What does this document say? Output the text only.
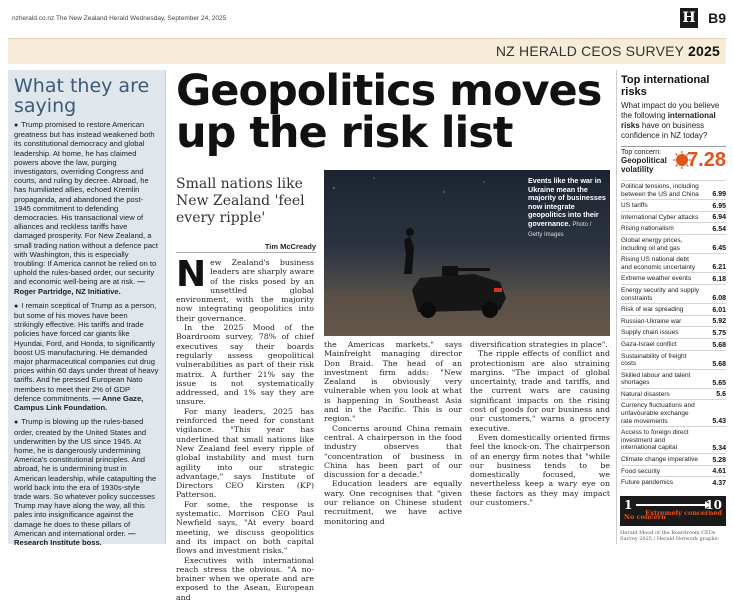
nzherald.co.nz The New Zealand Herald Wednesday, September 24, 2025	H B9
NZ HERALD CEOS SURVEY 2025
What they are saying

● Trump promised to restore American greatness but has instead weakened both its constitutional democracy and global leadership. At home, he has claimed powers above the law, purging investigators, overriding Congress and courts, and ruling by decree. Abroad, he has humiliated allies, echoed Kremlin propaganda, and abandoned the post-1945 commitment to defending democracies. His transactional view of alliances and reckless tariffs have damaged prosperity. For New Zealand, a small trading nation without a defence pact with Washington, this is especially troubling: If America cannot be relied on to uphold the rules-based order, our security and economic well-being are at risk. — Roger Partridge, NZ Initiative.

● I remain sceptical of Trump as a person, but some of his moves have been strikingly effective. His tariffs and trade policies have forced car giants like Hyundai, Ford, and Honda, to significantly boost US manufacturing. He demanded major pharmaceutical companies cut drug prices within 60 days under threat of heavy tariffs. And he pressed European Nato members to meet their 2% of GDP defence commitments. — Anne Gaze, Campus Link Foundation.

● Trump is blowing up the rules-based order, created by the United States and underwritten by the US since 1945. At home, he is dangerously undermining America's constitutional principles. And abroad, he is undermining trust in American leadership, while catapulting the world back into the era of 1930s-style trade wars. So whatever policy successes Trump may have along the way, all this pales into insignificance against the damage he does to these pillars of American and international order. — Research Institute boss.

Geopolitics moves up the risk list
Small nations like New Zealand 'feel every ripple'
Tim McCready
Events like the war in Ukraine mean the majority of businesses now integrate geopolitics into their governance. Photo / Getty Images

New Zealand's business leaders are sharply aware of the risks posed by an unsettled global environment, with the majority now integrating geopolitics into their governance.

In the 2025 Mood of the Boardroom survey, 78% of chief executives say their boards regularly assess geopolitical vulnerabilities as part of their risk matrix. A further 21% say the issue is not systematically addressed, and 1% say they are unsure.

For many leaders, 2025 has reinforced the need for constant vigilance. "This year has underlined that small nations like New Zealand feel every ripple of global instability and must turn agility into our strategic advantage," says Institute of Directors CEO Kirsten (KP) Patterson.

For some, the response is systematic. Morrison CEO Paul Newfield says, "At every board meeting, we discuss geopolitics and its impact on both capital flows and investment risks."

Executives with international reach stress the obvious. "A no-brainer when we operate and are exposed to the Asean, European and

the Americas markets," says Mainfreight managing director Don Braid. The head of an investment firm adds: "New Zealand is obviously very vulnerable when you look at what is happening in Southeast Asia and in the Pacific. This is our region."

Concerns around China remain central. A chairperson in the food industry observes that "concentration of business in China has been part of our discussion for a decade."

Education leaders are equally wary. One recognises that "given our reliance on Chinese student recruitment, we have active monitoring and

diversification strategies in place".

The ripple effects of conflict and protectionism are also straining margins. "The impact of global uncertainty, trade and tariffs, and the current wars are causing significant impacts on the rising cost of goods for our business and our customers," warns a grocery executive.

Even domestically oriented firms feel the knock-on. The chairperson of an energy firm notes that "while our business tends to be domestically focused, we nevertheless keep a wary eye on these factors as they may impact our customers."

Top international risks
What impact do you believe the following international risks have on business confidence in NZ today?
Top concern:
Geopolitical volatility	7.28
Political tensions, including between the US and China	6.99
US tariffs	6.95
International Cyber attacks	6.94
Rising nationalism	6.54
Global energy prices, including oil and gas	6.45
Rising US national debt and economic uncertainty	6.21
Extreme weather events	6.18
Energy security and supply constraints	6.08
Risk of war spreading	6.01
Russian-Ukraine war	5.92
Supply chain issues	5.75
Gaza-Israel conflict	5.68
Sustainability of freight costs	5.68
Skilled labour and talent shortages	5.65
Natural disasters	5.6
Currency fluctuations and unfavourable exchange rate movements	5.43
Access to foreign direct investment and international capital	5.34
Climate change imperative	5.28
Food security	4.61
Future pandemics	4.37
1	10
No concern
Extremely concerned
Herald Mood of the Boardroom CEOs Survey 2025 / Herald Network graphic
